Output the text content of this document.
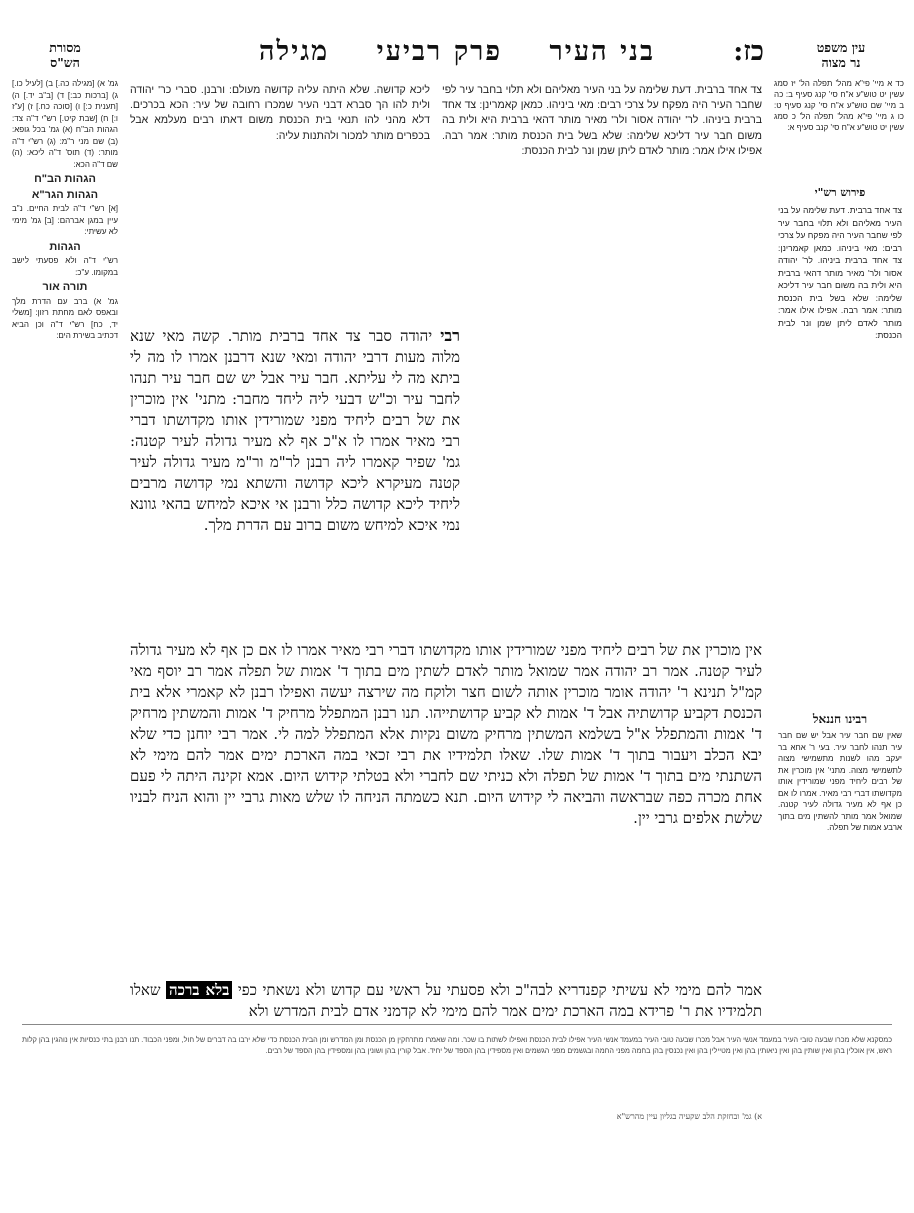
עין משפט
נר מצוה
מסורת
הש"ס	כז:
בני העיר פרק רביעי מגילה

כד א מיי' פי"א מהל' תפלה הל' יז סמג עשין יט טוש"ע א"ח סי' קנג סעיף ב: כה ב מיי' שם טוש"ע א"ח סי' קנג סעיף ט: כו ג מיי' פי"א מהל' תפלה הל' כ סמג עשין יט טוש"ע א"ח סי' קנב סעיף א:

פירוש רש"י

צד אחד ברבית. דעת שלימה על בני העיר מאליהם ולא תלוי בחבר עיר לפי שחבר העיר היה מפקח על צרכי רבים: מאי ביניהו. כמאן קאמרינן: צד אחד ברבית ביניהו. לר' יהודה אסור ולר' מאיר מותר דהאי ברבית היא ולית בה משום חבר עיר דליכא שלימה: שלא בשל בית הכנסת מותר: אמר רבה. אפילו אילו אמר: מותר לאדם ליתן שמן ונר לבית הכנסת:

רבינו חננאל

שאין שם חבר עיר אבל יש שם חבר עיר תנהו לחבר עיר. בעי ר' אחא בר יעקב מהו לשנות מתשמישי מצוה לתשמישי מצוה. מתני' אין מוכרין את של רבים ליחיד מפני שמורידין אותו מקדושתו דברי רבי מאיר. אמרו לו אם כן אף לא מעיר גדולה לעיר קטנה. שמואל אמר מותר להשתין מים בתוך ארבע אמות של תפלה.

גמ' א) [מגילה כה.] ב) [לעיל כו.] ג) [ברכות כב:] ד) [ב"ב יד.] ה) [תענית כ:] ו) [סוכה כח.] ז) [ע"ז ו:] ח) [שבת קיט.] רש"י ד"ה צד: הגהות הב"ח (א) גמ' בכל גופא: (ב) שם מני ר"מ: (ג) רש"י ד"ה מותר: (ד) תוס' ד"ה ליכא: (ה) שם ד"ה הכא:

הגהות הב"ח
הגהות הגר"א

[א] רש"י ד"ה לבית החיים. נ"ב עיין במגן אברהם: [ב] גמ' מימי לא עשיתי:

הגהות

רש"י ד"ה ולא פסעתי לישב במקומו. ע"כ:

תורה אור

גמ' א) ברב עם הדרת מלך ובאפס לאם מחתת רזון: [משלי יד, כח] רש"י ד"ה וכן הביא דכתיב בשירת הים:

צד אחד ברבית. דעת שלימה על בני העיר מאליהם ולא תלוי בחבר עיר לפי שחבר העיר היה מפקח על צרכי רבים: מאי ביניהו. כמאן קאמרינן: צד אחד ברבית ביניהו. לר' יהודה אסור ולר' מאיר מותר דהאי ברבית היא ולית בה משום חבר עיר דליכא שלימה: שלא בשל בית הכנסת מותר: אמר רבה. אפילו אילו אמר: מותר לאדם ליתן שמן ונר לבית הכנסת:

ליכא קדושה. שלא היתה עליה קדושה מעולם: ורבנן. סברי כר' יהודה ולית להו הך סברא דבני העיר שמכרו רחובה של עיר: הכא בכרכים. דלא מהני להו תנאי בית הכנסת משום דאתו רבים מעלמא אבל בכפרים מותר למכור ולהתנות עליה:

רבי יהודה סבר צד אחד ברבית מותר. קשה מאי שנא מלוה מעות דרבי יהודה ומאי שנא דרבנן אמרו לו מה לי ביתא מה לי עליתא. חבר עיר אבל יש שם חבר עיר תנהו לחבר עיר וכ"ש דבעי ליה ליחד מחבר: מתני' אין מוכרין את של רבים ליחיד מפני שמורידין אותו מקדושתו דברי רבי מאיר אמרו לו א"כ אף לא מעיר גדולה לעיר קטנה: גמ' שפיר קאמרו ליה רבנן לר"מ ור"מ מעיר גדולה לעיר קטנה מעיקרא ליכא קדושה והשתא נמי קדושה מרבים ליחיד ליכא קדושה כלל ורבנן אי איכא למיחש בהאי גוונא נמי איכא למיחש משום ברוב עם הדרת מלך.

אין מוכרין את של רבים ליחיד מפני שמורידין אותו מקדושתו דברי רבי מאיר אמרו לו אם כן אף לא מעיר גדולה לעיר קטנה. אמר רב יהודה אמר שמואל מותר לאדם לשתין מים בתוך ד' אמות של תפלה אמר רב יוסף מאי קמ"ל תנינא ר' יהודה אומר מוכרין אותה לשום חצר ולוקח מה שירצה יעשה ואפילו רבנן לא קאמרי אלא בית הכנסת דקביע קדושתיה אבל ד' אמות לא קביע קדושתייהו. תנו רבנן המתפלל מרחיק ד' אמות והמשתין מרחיק ד' אמות והמתפלל א"ל בשלמא המשתין מרחיק משום נקיות אלא המתפלל למה לי. אמר רבי יוחנן כדי שלא יבא הכלב ויעבור בתוך ד' אמות שלו. שאלו תלמידיו את רבי זכאי במה הארכת ימים אמר להם מימי לא השתנתי מים בתוך ד' אמות של תפלה ולא כניתי שם לחברי ולא בטלתי קידוש היום. אמא זקינה היתה לי פעם אחת מכרה כפה שבראשה והביאה לי קידוש היום. תנא כשמתה הניחה לו שלש מאות גרבי יין והוא הניח לבניו שלשת אלפים גרבי יין.

אמר להם מימי לא עשיתי קפנדריא לבה"כ ולא פסעתי על ראשי עם קדוש ולא נשאתי כפי בלא ברכה שאלו תלמידיו את ר' פרידא במה הארכת ימים אמר להם מימי לא קדמני אדם לבית המדרש ולא

כמסקנא שלא מכרו שבעה טובי העיר במעמד אנשי העיר אבל מכרו שבעה טובי העיר במעמד אנשי העיר אפילו לבית הכנסת ואפילו לשתות בו שכר. ומה שאמרו מתרחקין מן הכנסת ומן המדרש ומן הבית הכנסת כדי שלא ירבו בה דברים של חול, ומפני הכבוד. תנו רבנן בתי כנסיות אין נוהגין בהן קלות ראש, אין אוכלין בהן ואין שותין בהן ואין ניאותין בהן ואין מטיילין בהן ואין נכנסין בהן בחמה מפני החמה ובגשמים מפני הגשמים ואין מספידין בהן הספד של יחיד. אבל קורין בהן ושונין בהן ומספידין בהן הספד של רבים.

א) גמ' ובחזקת הלב שקעיה בגליון עיין מהרש"א
